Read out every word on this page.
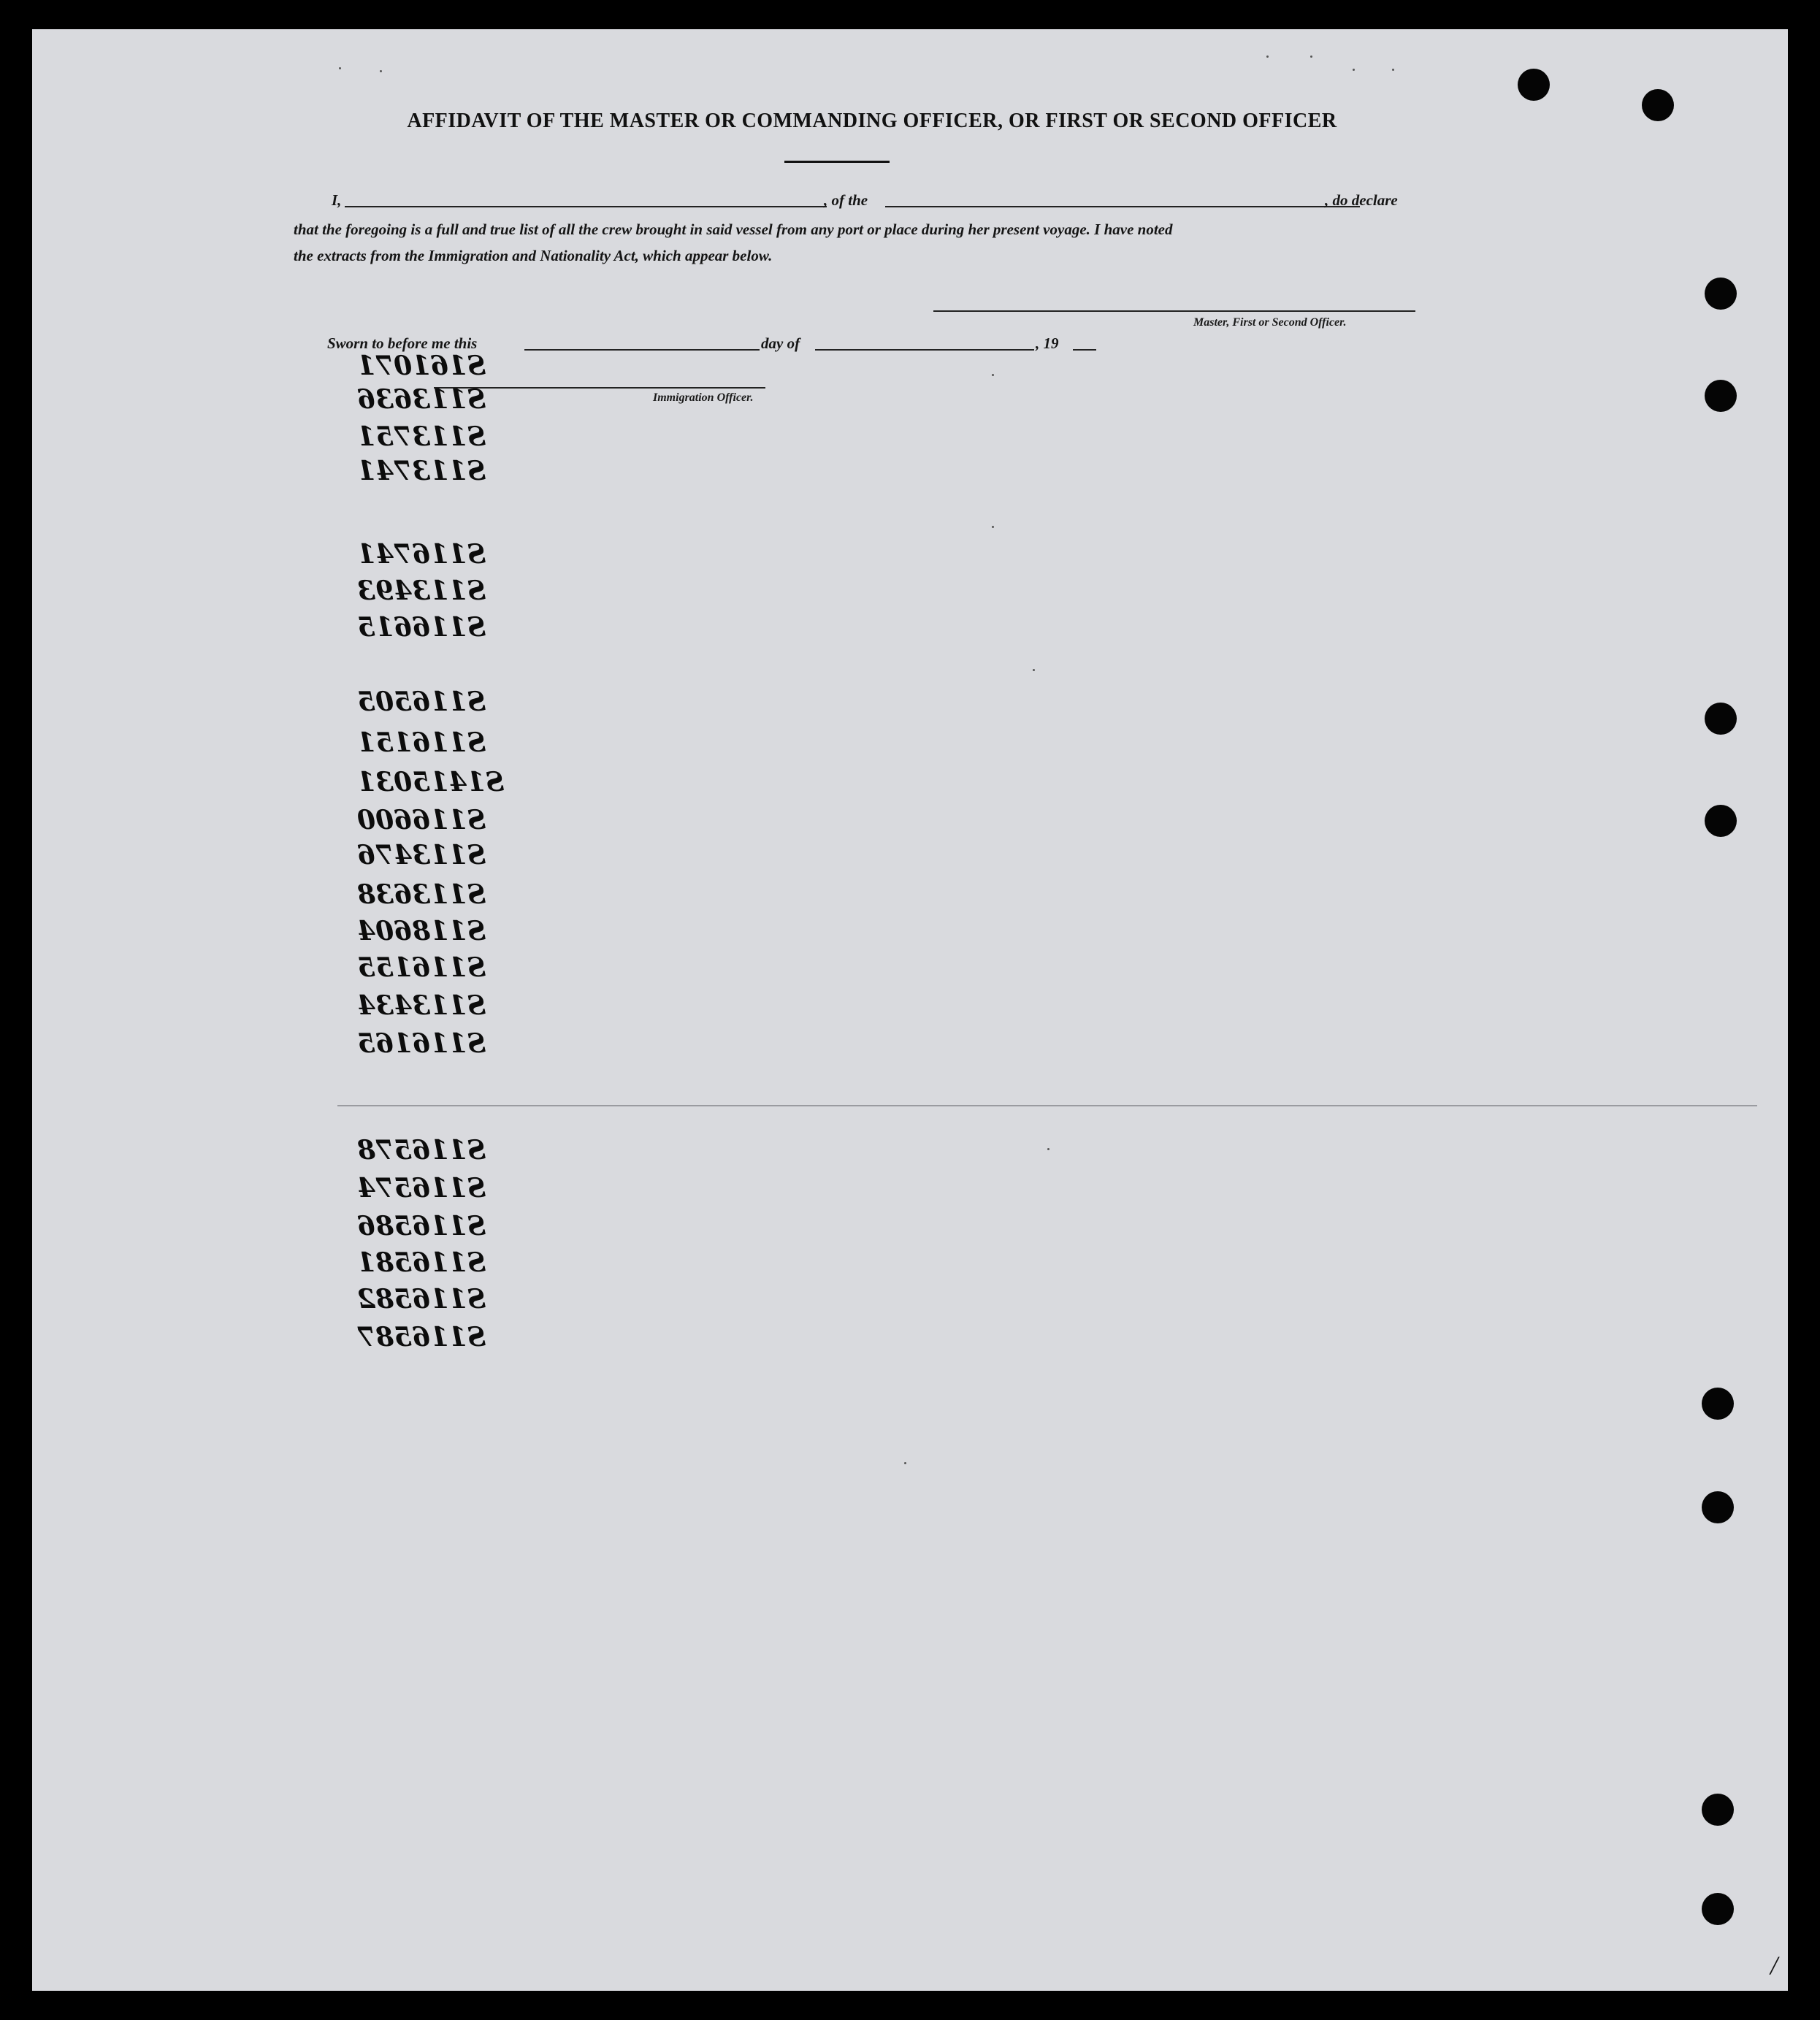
AFFIDAVIT OF THE MASTER OR COMMANDING OFFICER, OR FIRST OR SECOND OFFICER
I,	, of the	, do declare
that the foregoing is a full and true list of all the crew brought in said vessel from any port or place during her present voyage. I have noted
the extracts from the Immigration and Nationality Act, which appear below.
Master, First or Second Officer.
Sworn to before me this	day of	, 19
Immigration Officer.
S161071
S113636
S113751
S113741
S116741
S113493
S116615
S116505
S116151
S1415031
S116600
S113476
S113638
S118604
S116155
S113434
S116165
S116578
S116574
S116586
S116581
S116582
S116587
/
